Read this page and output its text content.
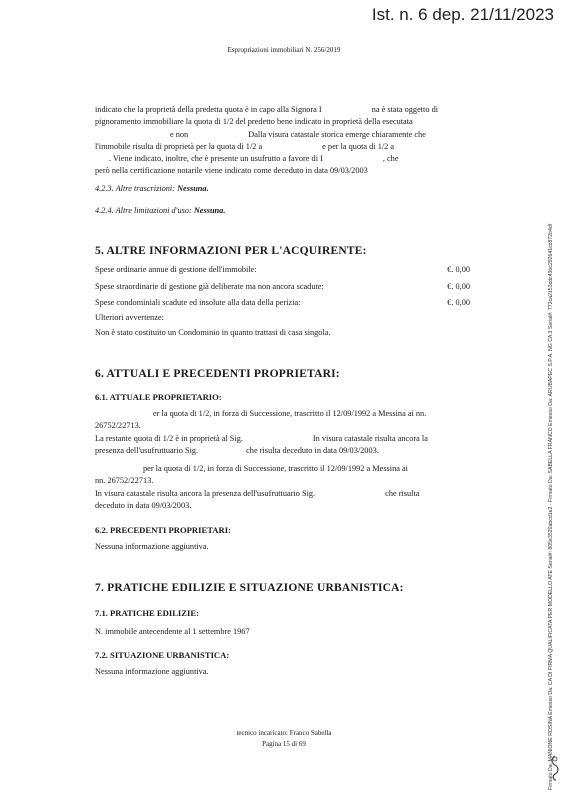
Ist. n. 6 dep. 21/11/2023
Espropriazioni immobiliari N. 256/2019

indicato che la proprietà della predetta quota è in capo alla Signora I	na è stata oggetto di

pignoramento immobiliare la quota di 1/2 del predetto bene indicato in proprietà della esecutata

e non	Dalla visura catastale storica emerge chiaramente che

l'immobile risulta di proprietà per la quota di 1/2 a	e per la quota di 1/2 a

. Viene indicato, inoltre, che è presente un usufrutto a favore di I	, che

però nella certificazione notarile viene indicato come deceduto in data 09/03/2003

4.2.3. Altre trascrizioni: Nessuna.
4.2.4. Altre limitazioni d'uso: Nessuna.
5. ALTRE INFORMAZIONI PER L'ACQUIRENTE:
Spese ordinarie annue di gestione dell'immobile:	€. 0,00
Spese straordinarie di gestione già deliberate ma non ancora scadute:	€. 0,00
Spese condominiali scadute ed insolute alla data della perizia:	€. 0,00
Ulteriori avvertenze:
Non è stato costituito un Condominio in quanto trattasi di casa singola.
6. ATTUALI E PRECEDENTI PROPRIETARI:
6.1. ATTUALE PROPRIETARIO:

er la quota di 1/2, in forza di Successione, trascritto il 12/09/1992 a Messina ai nn.

26752/22713.

La restante quota di 1/2 è in proprietà al Sig.	In visura catastale risulta ancora la

presenza dell'usufruttuario Sig.	che risulta deceduto in data 09/03/2003.

per la quota di 1/2, in forza di Successione, trascritto il 12/09/1992 a Messina ai

nn. 26752/22713.

In visura catastale risulta ancora la presenza dell'usufruttuario Sig.	che risulta

deceduto in data 09/03/2003.

6.2. PRECEDENTI PROPRIETARI:
Nessuna informazione aggiuntiva.
7. PRATICHE EDILIZIE E SITUAZIONE URBANISTICA:
7.1. PRATICHE EDILIZIE:
N. immobile antecendente al 1 settembre 1967
7.2. SITUAZIONE URBANISTICA:
Nessuna informazione aggiuntiva.
tecnico incaricato: Franco Sabella
Pagina 15 di 69	Firmato Da: MANIONE ROSINA Emesso Da: CA DI FIRMA QUALIFICATA PER MODELLO ATE Serial#: 805e3520abcd1e2 - Firmato Da: SABELLA FRANCO Emesso Da: ARUBAPEC S.P.A. NG CA 3 Serial#: 772ca2153cdc43bc292641cc872b4df
